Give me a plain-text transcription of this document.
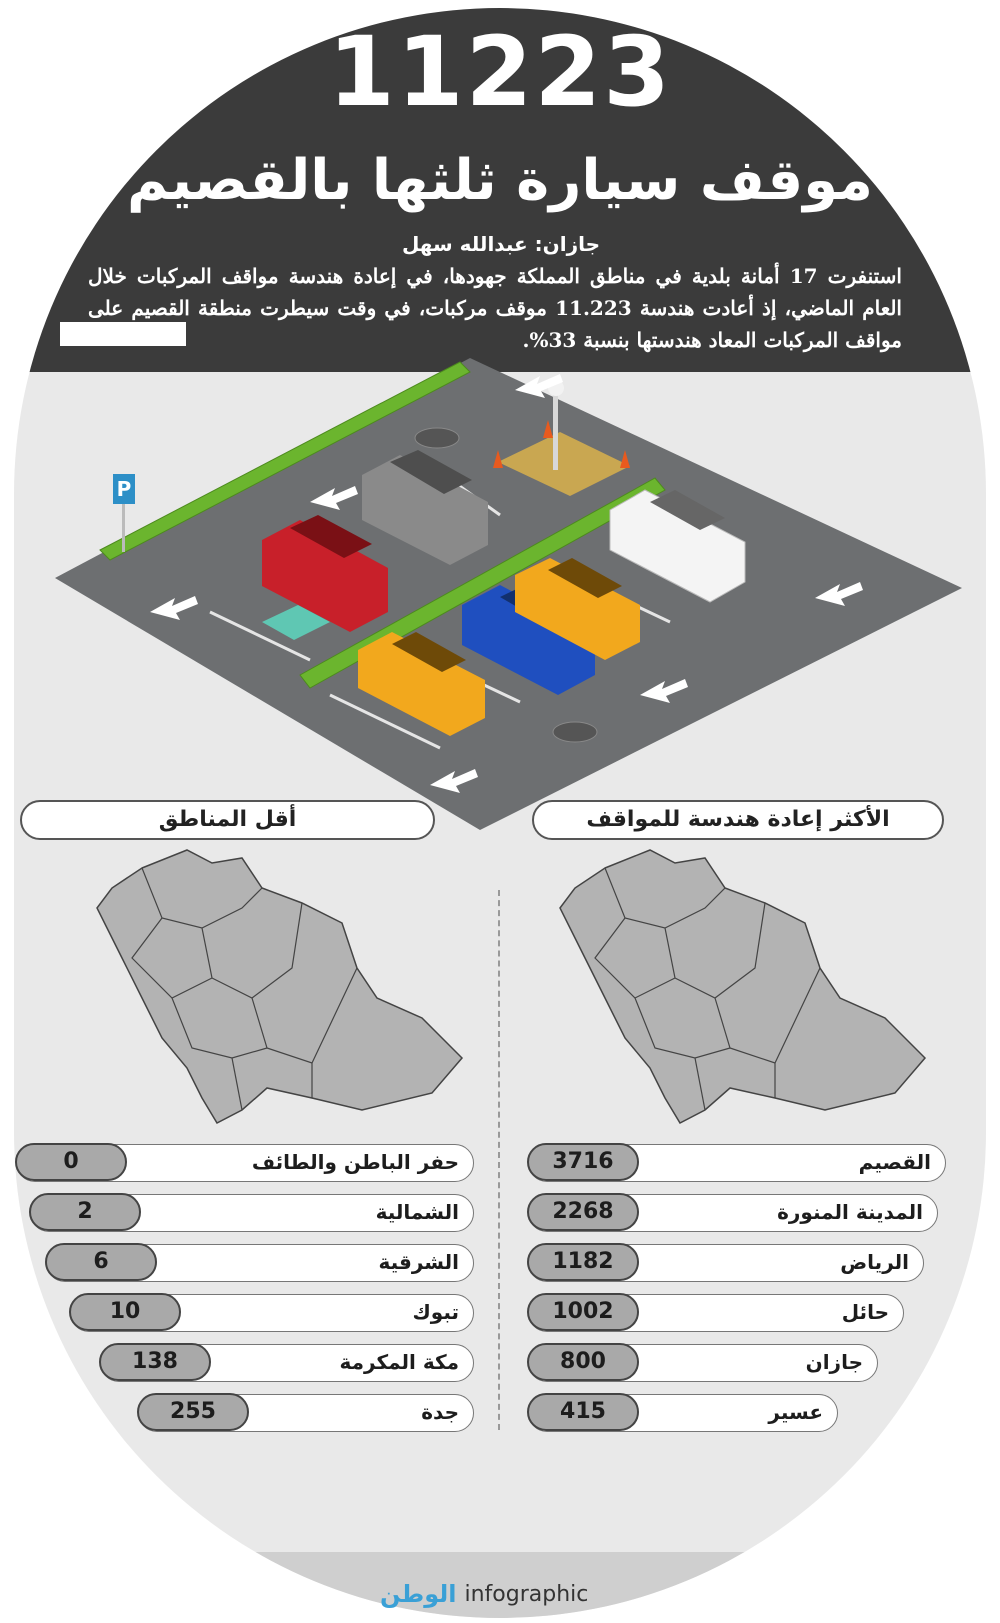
11223
موقف سيارة ثلثها بالقصيم
جازان: عبدالله سهل
استنفرت 17 أمانة بلدية في مناطق المملكة جهودها، في إعادة هندسة مواقف المركبات خلال العام الماضي، إذ أعادت هندسة 11.223 موقف مركبات، في وقت سيطرت منطقة القصيم على مواقف المركبات المعاد هندستها بنسبة 33%.
P
أقل المناطق	الأكثر إعادة هندسة للمواقف
0	حفر الباطن والطائف
2	الشمالية
6	الشرقية
10	تبوك
138	مكة المكرمة
255	جدة
3716	القصيم
2268	المدينة المنورة
1182	الرياض
1002	حائل
800	جازان
415	عسير
الوطن infographic
